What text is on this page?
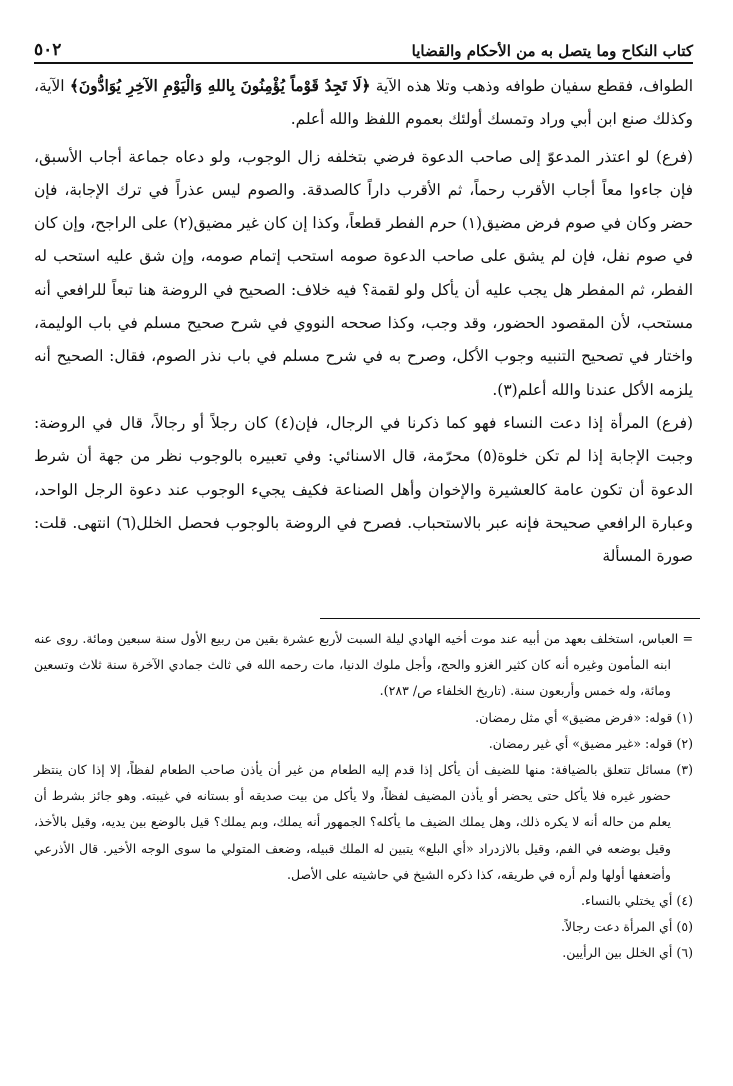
كتاب النكاح وما يتصل به من الأحكام والقضايا
٥٠٢

الطواف، فقطع سفيان طوافه وذهب وتلا هذه الآية ﴿لَا تَجِدُ قَوْماً يُؤْمِنُونَ بِاللهِ وَالْيَوْمِ الآخِرِ يُوَادُّونَ﴾ الآية، وكذلك صنع ابن أبي وراد وتمسك أولئك بعموم اللفظ والله أعلم.

(فرع) لو اعتذر المدعوّ إلى صاحب الدعوة فرضي بتخلفه زال الوجوب، ولو دعاه جماعة أجاب الأسبق، فإن جاءوا معاً أجاب الأقرب رحماً، ثم الأقرب داراً كالصدقة. والصوم ليس عذراً في ترك الإجابة، فإن حضر وكان في صوم فرض مضيق(١) حرم الفطر قطعاً، وكذا إن كان غير مضيق(٢) على الراجح، وإن كان في صوم نفل، فإن لم يشق على صاحب الدعوة صومه استحب إتمام صومه، وإن شق عليه استحب له الفطر، ثم المفطر هل يجب عليه أن يأكل ولو لقمة؟ فيه خلاف: الصحيح في الروضة هنا تبعاً للرافعي أنه مستحب، لأن المقصود الحضور، وقد وجب، وكذا صححه النووي في شرح صحيح مسلم في باب الوليمة، واختار في تصحيح التنبيه وجوب الأكل، وصرح به في شرح مسلم في باب نذر الصوم، فقال: الصحيح أنه يلزمه الأكل عندنا والله أعلم(٣).

(فرع) المرأة إذا دعت النساء فهو كما ذكرنا في الرجال، فإن(٤) كان رجلاً أو رجالاً، قال في الروضة: وجبت الإجابة إذا لم تكن خلوة(٥) محرّمة، قال الاسنائي: وفي تعبيره بالوجوب نظر من جهة أن شرط الدعوة أن تكون عامة كالعشيرة والإخوان وأهل الصناعة فكيف يجيء الوجوب عند دعوة الرجل الواحد، وعبارة الرافعي صحيحة فإنه عبر بالاستحباب. فصرح في الروضة بالوجوب فحصل الخلل(٦) انتهى. قلت: صورة المسألة

= العباس، استخلف بعهد من أبيه عند موت أخيه الهادي ليلة السبت لأربع عشرة بقين من ربيع الأول سنة سبعين ومائة. روى عنه ابنه المأمون وغيره أنه كان كثير الغزو والحج، وأجل ملوك الدنيا، مات رحمه الله في ثالث جمادي الآخرة سنة ثلاث وتسعين ومائة، وله خمس وأربعون سنة. (تاريخ الخلفاء ص/ ٢٨٣).

(١) قوله: «فرض مضيق» أي مثل رمضان.

(٢) قوله: «غير مضيق» أي غير رمضان.

(٣) مسائل تتعلق بالضيافة: منها للضيف أن يأكل إذا قدم إليه الطعام من غير أن يأذن صاحب الطعام لفظاً، إلا إذا كان ينتظر حضور غيره فلا يأكل حتى يحضر أو يأذن المضيف لفظاً، ولا يأكل من بيت صديقه أو بستانه في غيبته. وهو جائز بشرط أن يعلم من حاله أنه لا يكره ذلك، وهل يملك الضيف ما يأكله؟ الجمهور أنه يملك، وبم يملك؟ قيل بالوضع بين يديه، وقيل بالأخذ، وقيل بوضعه في الفم، وقيل بالازدراد «أي البلع» يتبين له الملك قبيله، وضعف المتولي ما سوى الوجه الأخير. قال الأذرعي وأضعفها أولها ولم أره في طريقه، كذا ذكره الشيخ في حاشيته على الأصل.

(٤) أي يختلي بالنساء.

(٥) أي المرأة دعت رجالاً.

(٦) أي الخلل بين الرأيين.
